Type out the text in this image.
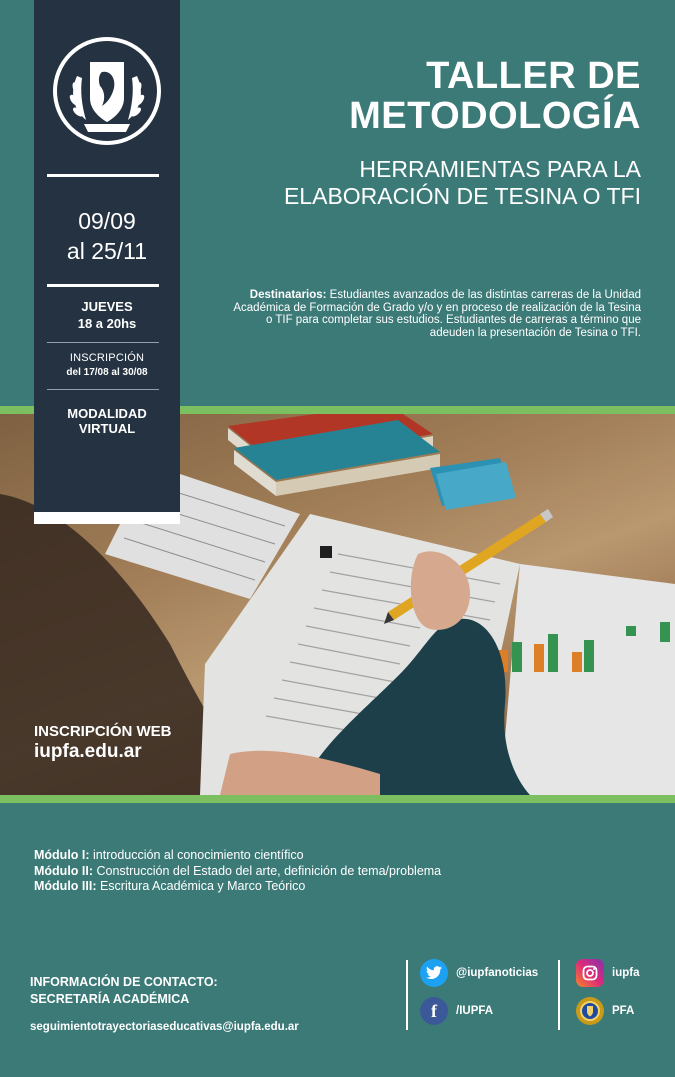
09/09
al 25/11
JUEVES
18 a 20hs
INSCRIPCIÓN
del 17/08 al 30/08
MODALIDAD
VIRTUAL
TALLER DE
METODOLOGÍA
HERRAMIENTAS PARA LA
ELABORACIÓN DE TESINA O TFI
Destinatarios: Estudiantes avanzados de las distintas carreras de la Unidad Académica de Formación de Grado y/o y en proceso de realización de la Tesina o TIF para completar sus estudios. Estudiantes de carreras a término que adeuden la presentación de Tesina o TFI.
INSCRIPCIÓN WEB
iupfa.edu.ar
Módulo I: introducción al conocimiento científico
Módulo II: Construcción del Estado del arte, definición de tema/problema
Módulo III: Escritura Académica y Marco Teórico
INFORMACIÓN DE CONTACTO:
SECRETARÍA ACADÉMICA
seguimientotrayectoriaseducativas@iupfa.edu.ar
@iupfanoticias
f	/IUPFA
iupfa
PFA
